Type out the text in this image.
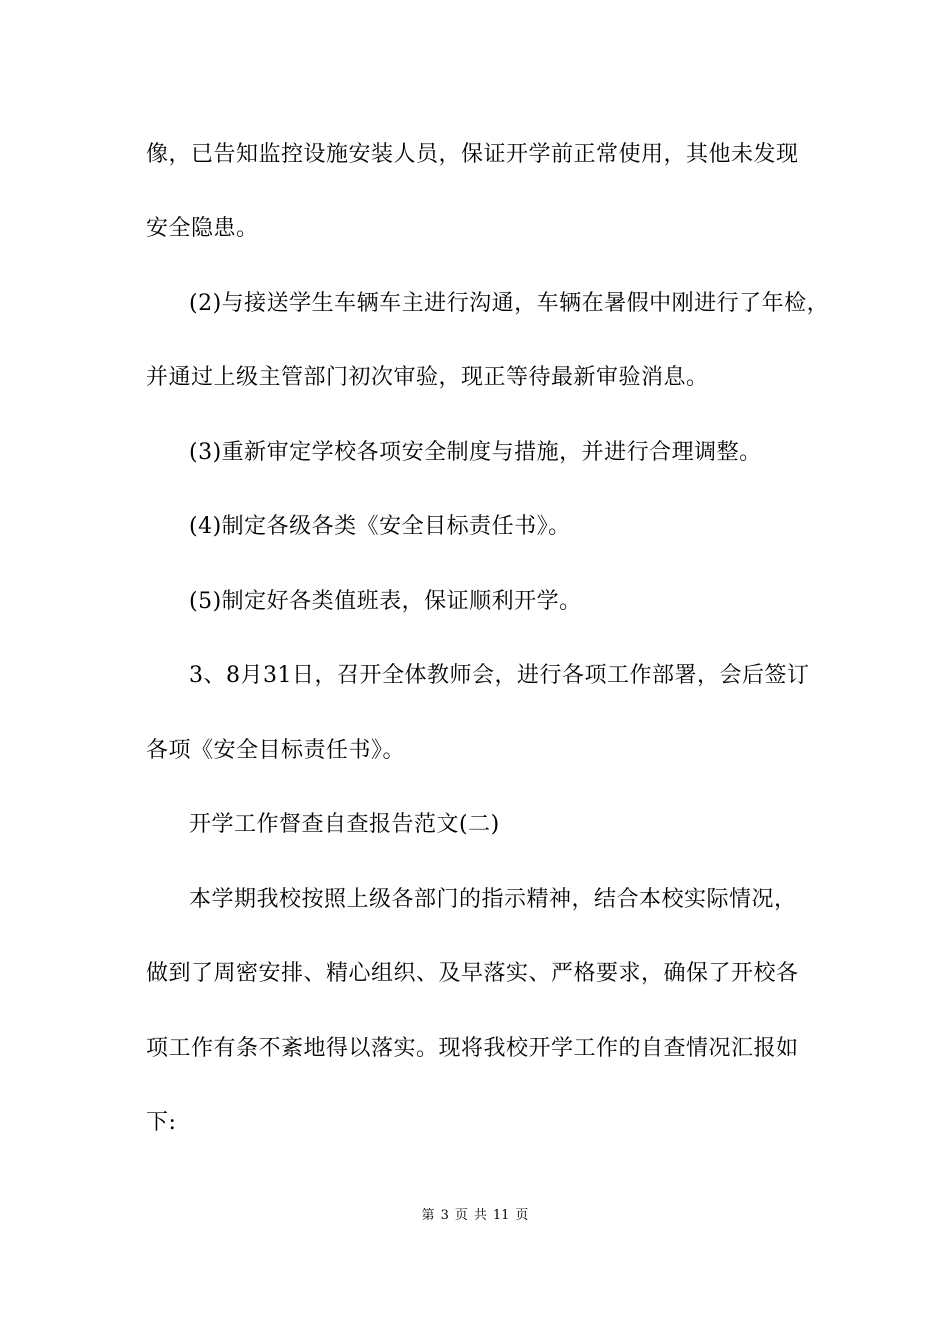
像，已告知监控设施安装人员，保证开学前正常使用，其他未发现
安全隐患。
(2)与接送学生车辆车主进行沟通，车辆在暑假中刚进行了年检，
并通过上级主管部门初次审验，现正等待最新审验消息。
(3)重新审定学校各项安全制度与措施，并进行合理调整。
(4)制定各级各类《安全目标责任书》。
(5)制定好各类值班表，保证顺利开学。
3、8月31日，召开全体教师会，进行各项工作部署，会后签订
各项《安全目标责任书》。
开学工作督查自查报告范文(二)
本学期我校按照上级各部门的指示精神，结合本校实际情况，
做到了周密安排、精心组织、及早落实、严格要求，确保了开校各
项工作有条不紊地得以落实。现将我校开学工作的自查情况汇报如
下:
第 3 页 共 11 页
